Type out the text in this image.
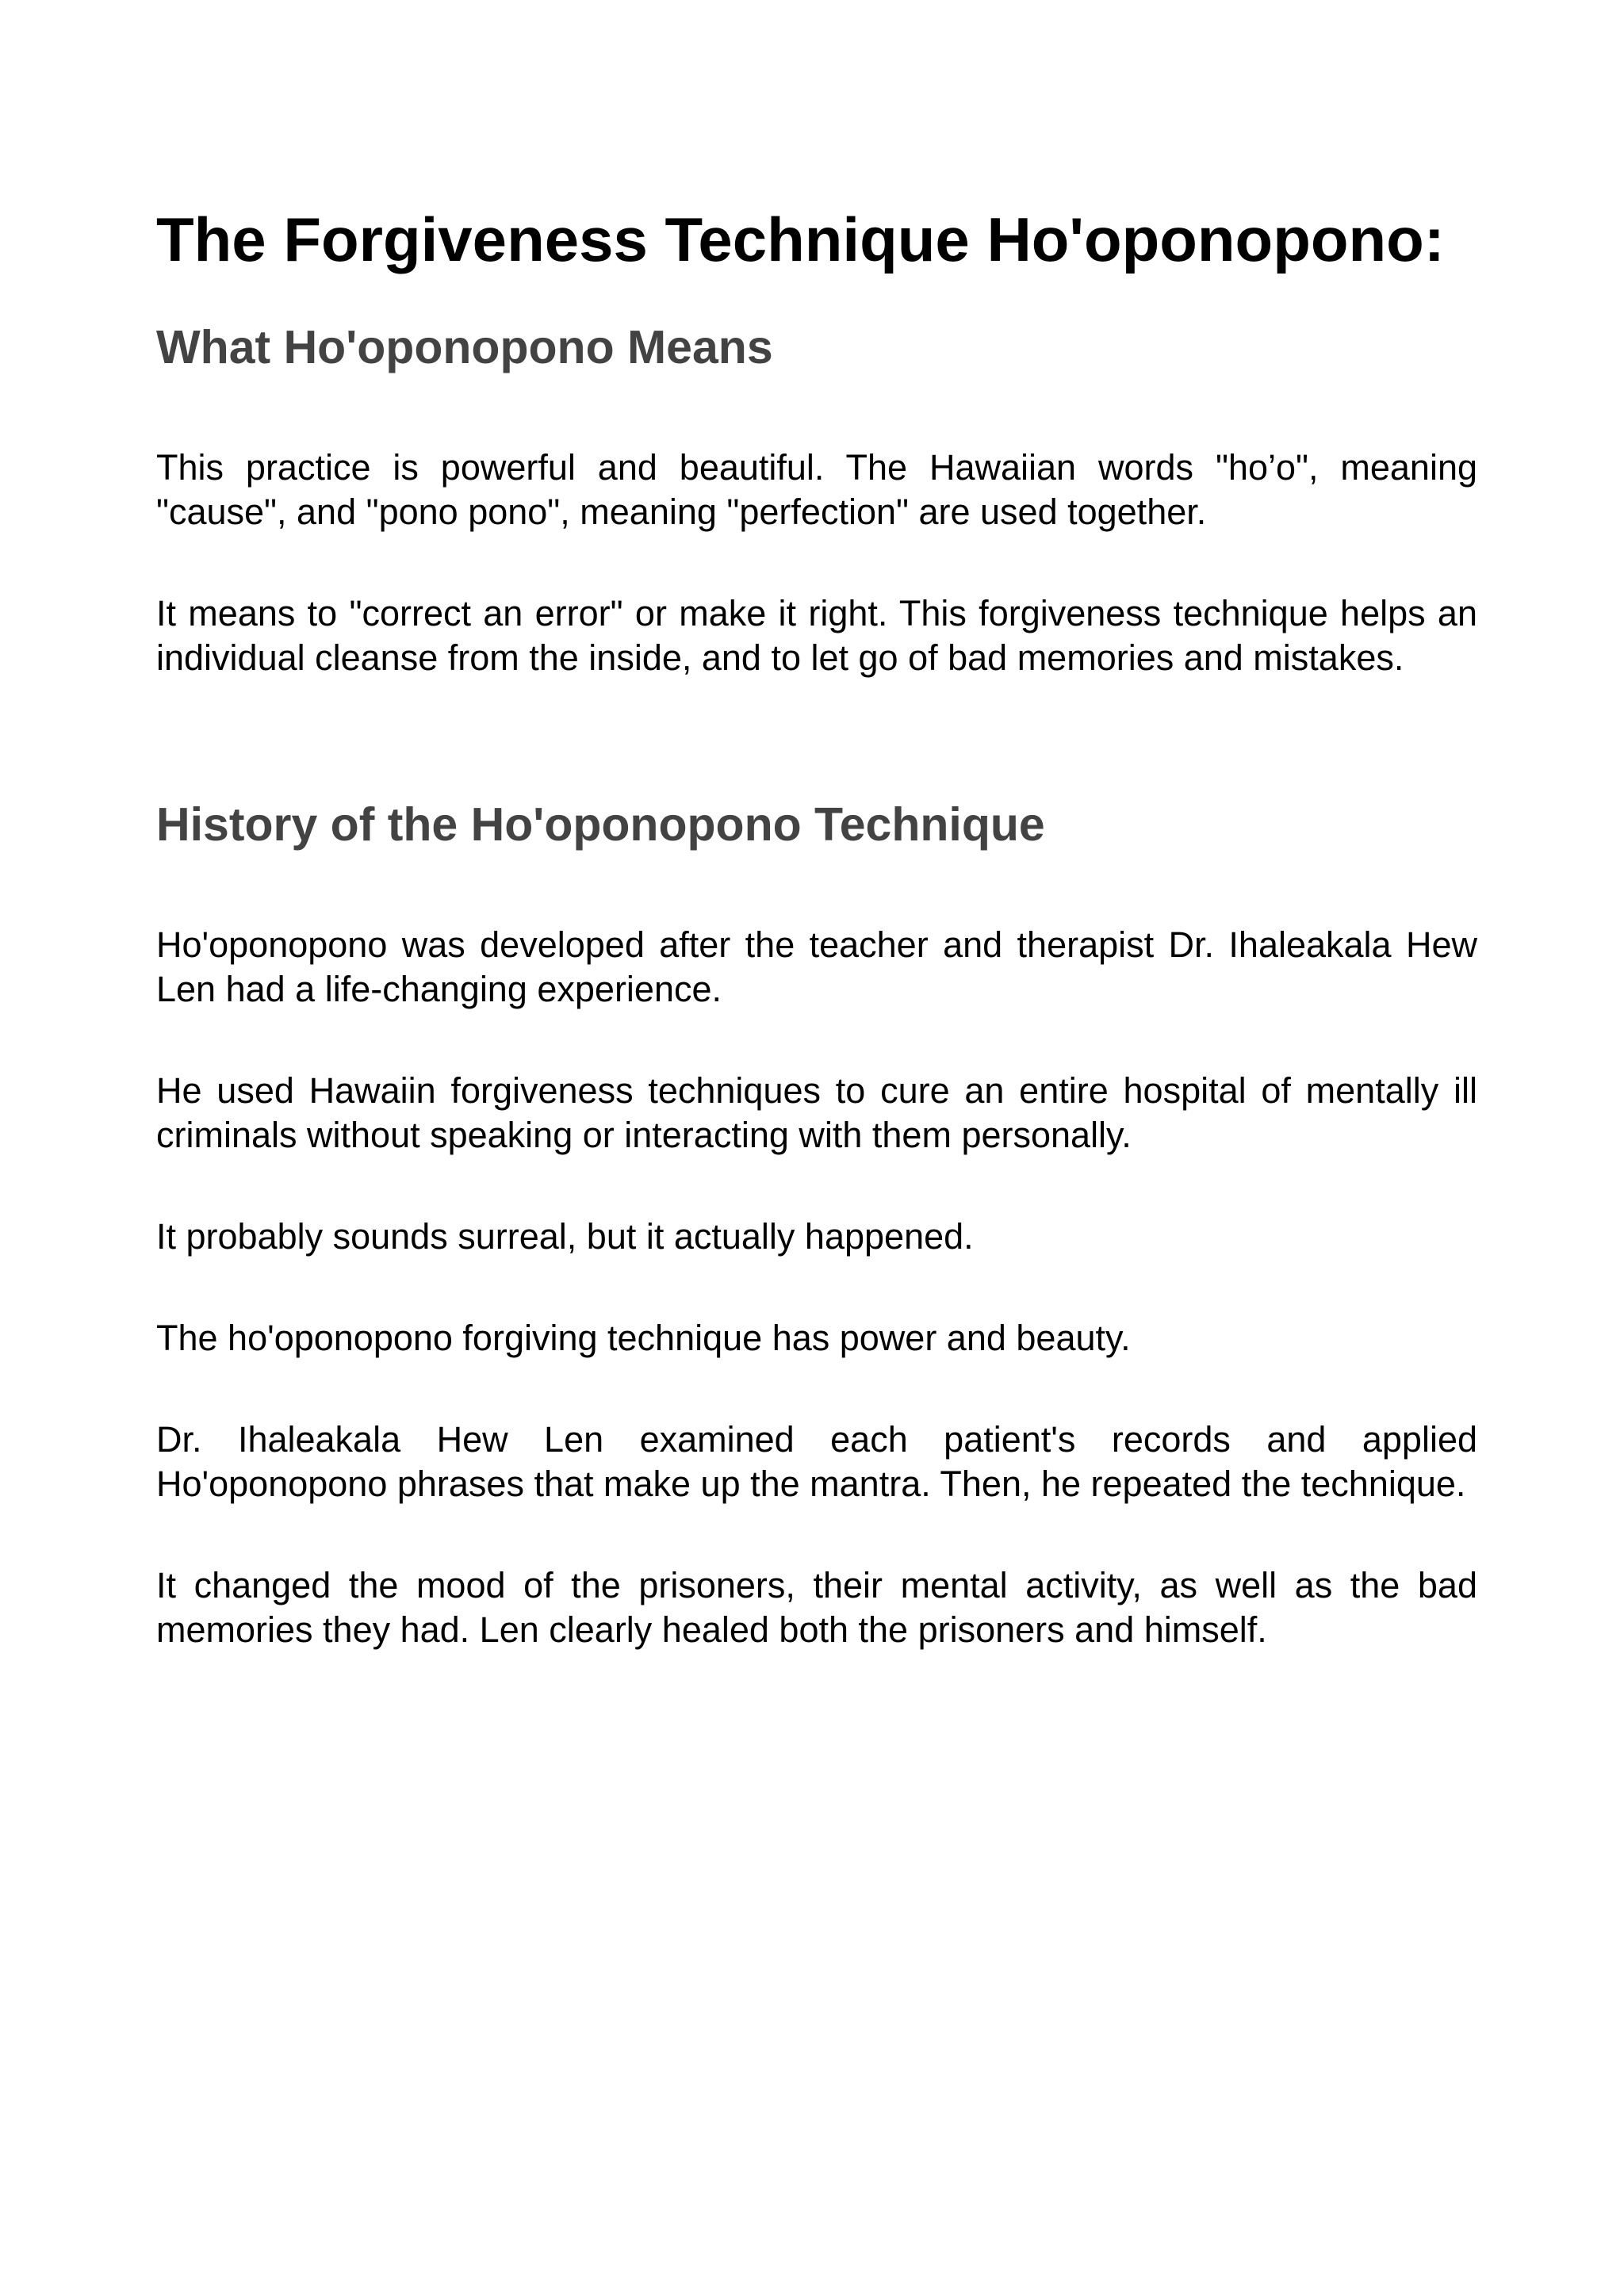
The Forgiveness Technique Ho'oponopono:
What Ho'oponopono Means

This practice is powerful and beautiful. The Hawaiian words "ho’o", meaning "cause", and "pono pono", meaning "perfection" are used together.

It means to "correct an error" or make it right. This forgiveness technique helps an individual cleanse from the inside, and to let go of bad memories and mistakes.

History of the Ho'oponopono Technique

Ho'oponopono was developed after the teacher and therapist Dr. Ihaleakala Hew Len had a life-changing experience.

He used Hawaiin forgiveness techniques to cure an entire hospital of mentally ill criminals without speaking or interacting with them personally.

It probably sounds surreal, but it actually happened.

The ho'oponopono forgiving technique has power and beauty.

Dr. Ihaleakala Hew Len examined each patient's records and applied Ho'oponopono phrases that make up the mantra. Then, he repeated the technique.

It changed the mood of the prisoners, their mental activity, as well as the bad memories they had. Len clearly healed both the prisoners and himself.
